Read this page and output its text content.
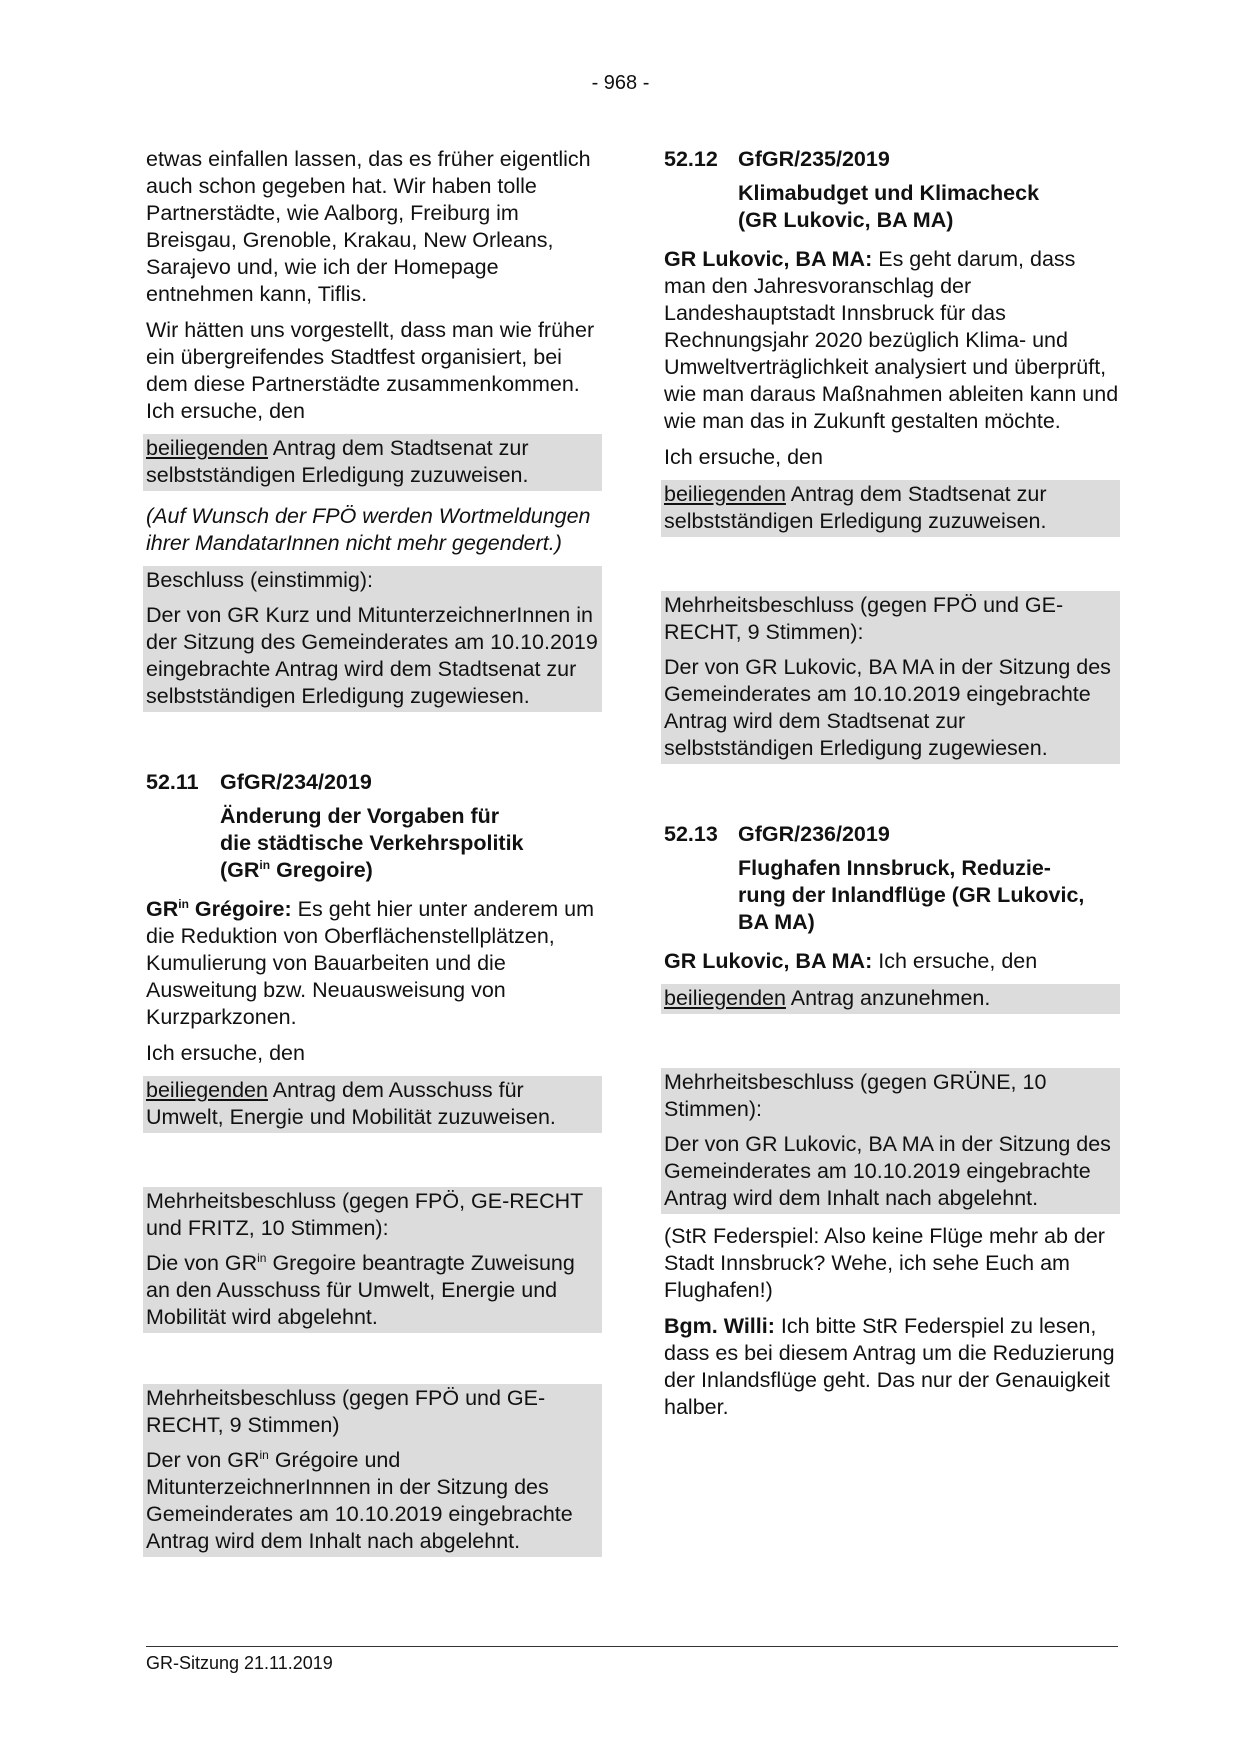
- 968 -

etwas einfallen lassen, das es früher eigentlich auch schon gegeben hat. Wir haben tolle Partnerstädte, wie Aalborg, Freiburg im Breisgau, Grenoble, Krakau, New Orleans, Sarajevo und, wie ich der Homepage entnehmen kann, Tiflis.

Wir hätten uns vorgestellt, dass man wie früher ein übergreifendes Stadtfest organisiert, bei dem diese Partnerstädte zusammenkommen. Ich ersuche, den

beiliegenden Antrag dem Stadtsenat zur selbstständigen Erledigung zuzuweisen.

(Auf Wunsch der FPÖ werden Wortmeldungen ihrer MandatarInnen nicht mehr gegendert.)

Beschluss (einstimmig):

Der von GR Kurz und MitunterzeichnerInnen in der Sitzung des Gemeinderates am 10.10.2019 eingebrachte Antrag wird dem Stadtsenat zur selbstständigen Erledigung zugewiesen.

52.11 GfGR/234/2019
Änderung der Vorgaben für
die städtische Verkehrspolitik
($GR^{in}$ Gregoire)

$GR^{in}$ Grégoire: Es geht hier unter anderem um die Reduktion von Oberflächenstellplätzen, Kumulierung von Bauarbeiten und die Ausweitung bzw. Neuausweisung von Kurzparkzonen.

Ich ersuche, den

beiliegenden Antrag dem Ausschuss für Umwelt, Energie und Mobilität zuzuweisen.

Mehrheitsbeschluss (gegen FPÖ, GE-RECHT und FRITZ, 10 Stimmen):

Die von $GR^{in}$ Gregoire beantragte Zuweisung an den Ausschuss für Umwelt, Energie und Mobilität wird abgelehnt.

Mehrheitsbeschluss (gegen FPÖ und GE-RECHT, 9 Stimmen)

Der von $GR^{in}$ Grégoire und MitunterzeichnerInnnen in der Sitzung des Gemeinderates am 10.10.2019 eingebrachte Antrag wird dem Inhalt nach abgelehnt.

52.12 GfGR/235/2019
Klimabudget und Klimacheck
(GR Lukovic, BA MA)

GR Lukovic, BA MA: Es geht darum, dass man den Jahresvoranschlag der Landeshauptstadt Innsbruck für das Rechnungsjahr 2020 bezüglich Klima- und Umweltverträglichkeit analysiert und überprüft, wie man daraus Maßnahmen ableiten kann und wie man das in Zukunft gestalten möchte.

Ich ersuche, den

beiliegenden Antrag dem Stadtsenat zur selbstständigen Erledigung zuzuweisen.

Mehrheitsbeschluss (gegen FPÖ und GE-RECHT, 9 Stimmen):

Der von GR Lukovic, BA MA in der Sitzung des Gemeinderates am 10.10.2019 eingebrachte Antrag wird dem Stadtsenat zur selbstständigen Erledigung zugewiesen.

52.13 GfGR/236/2019
Flughafen Innsbruck, Reduzie-
rung der Inlandflüge (GR Lukovic,
BA MA)

GR Lukovic, BA MA: Ich ersuche, den

beiliegenden Antrag anzunehmen.

Mehrheitsbeschluss (gegen GRÜNE, 10 Stimmen):

Der von GR Lukovic, BA MA in der Sitzung des Gemeinderates am 10.10.2019 eingebrachte Antrag wird dem Inhalt nach abgelehnt.

(StR Federspiel: Also keine Flüge mehr ab der Stadt Innsbruck? Wehe, ich sehe Euch am Flughafen!)

Bgm. Willi: Ich bitte StR Federspiel zu lesen, dass es bei diesem Antrag um die Reduzierung der Inlandsflüge geht. Das nur der Genauigkeit halber.

GR-Sitzung 21.11.2019
